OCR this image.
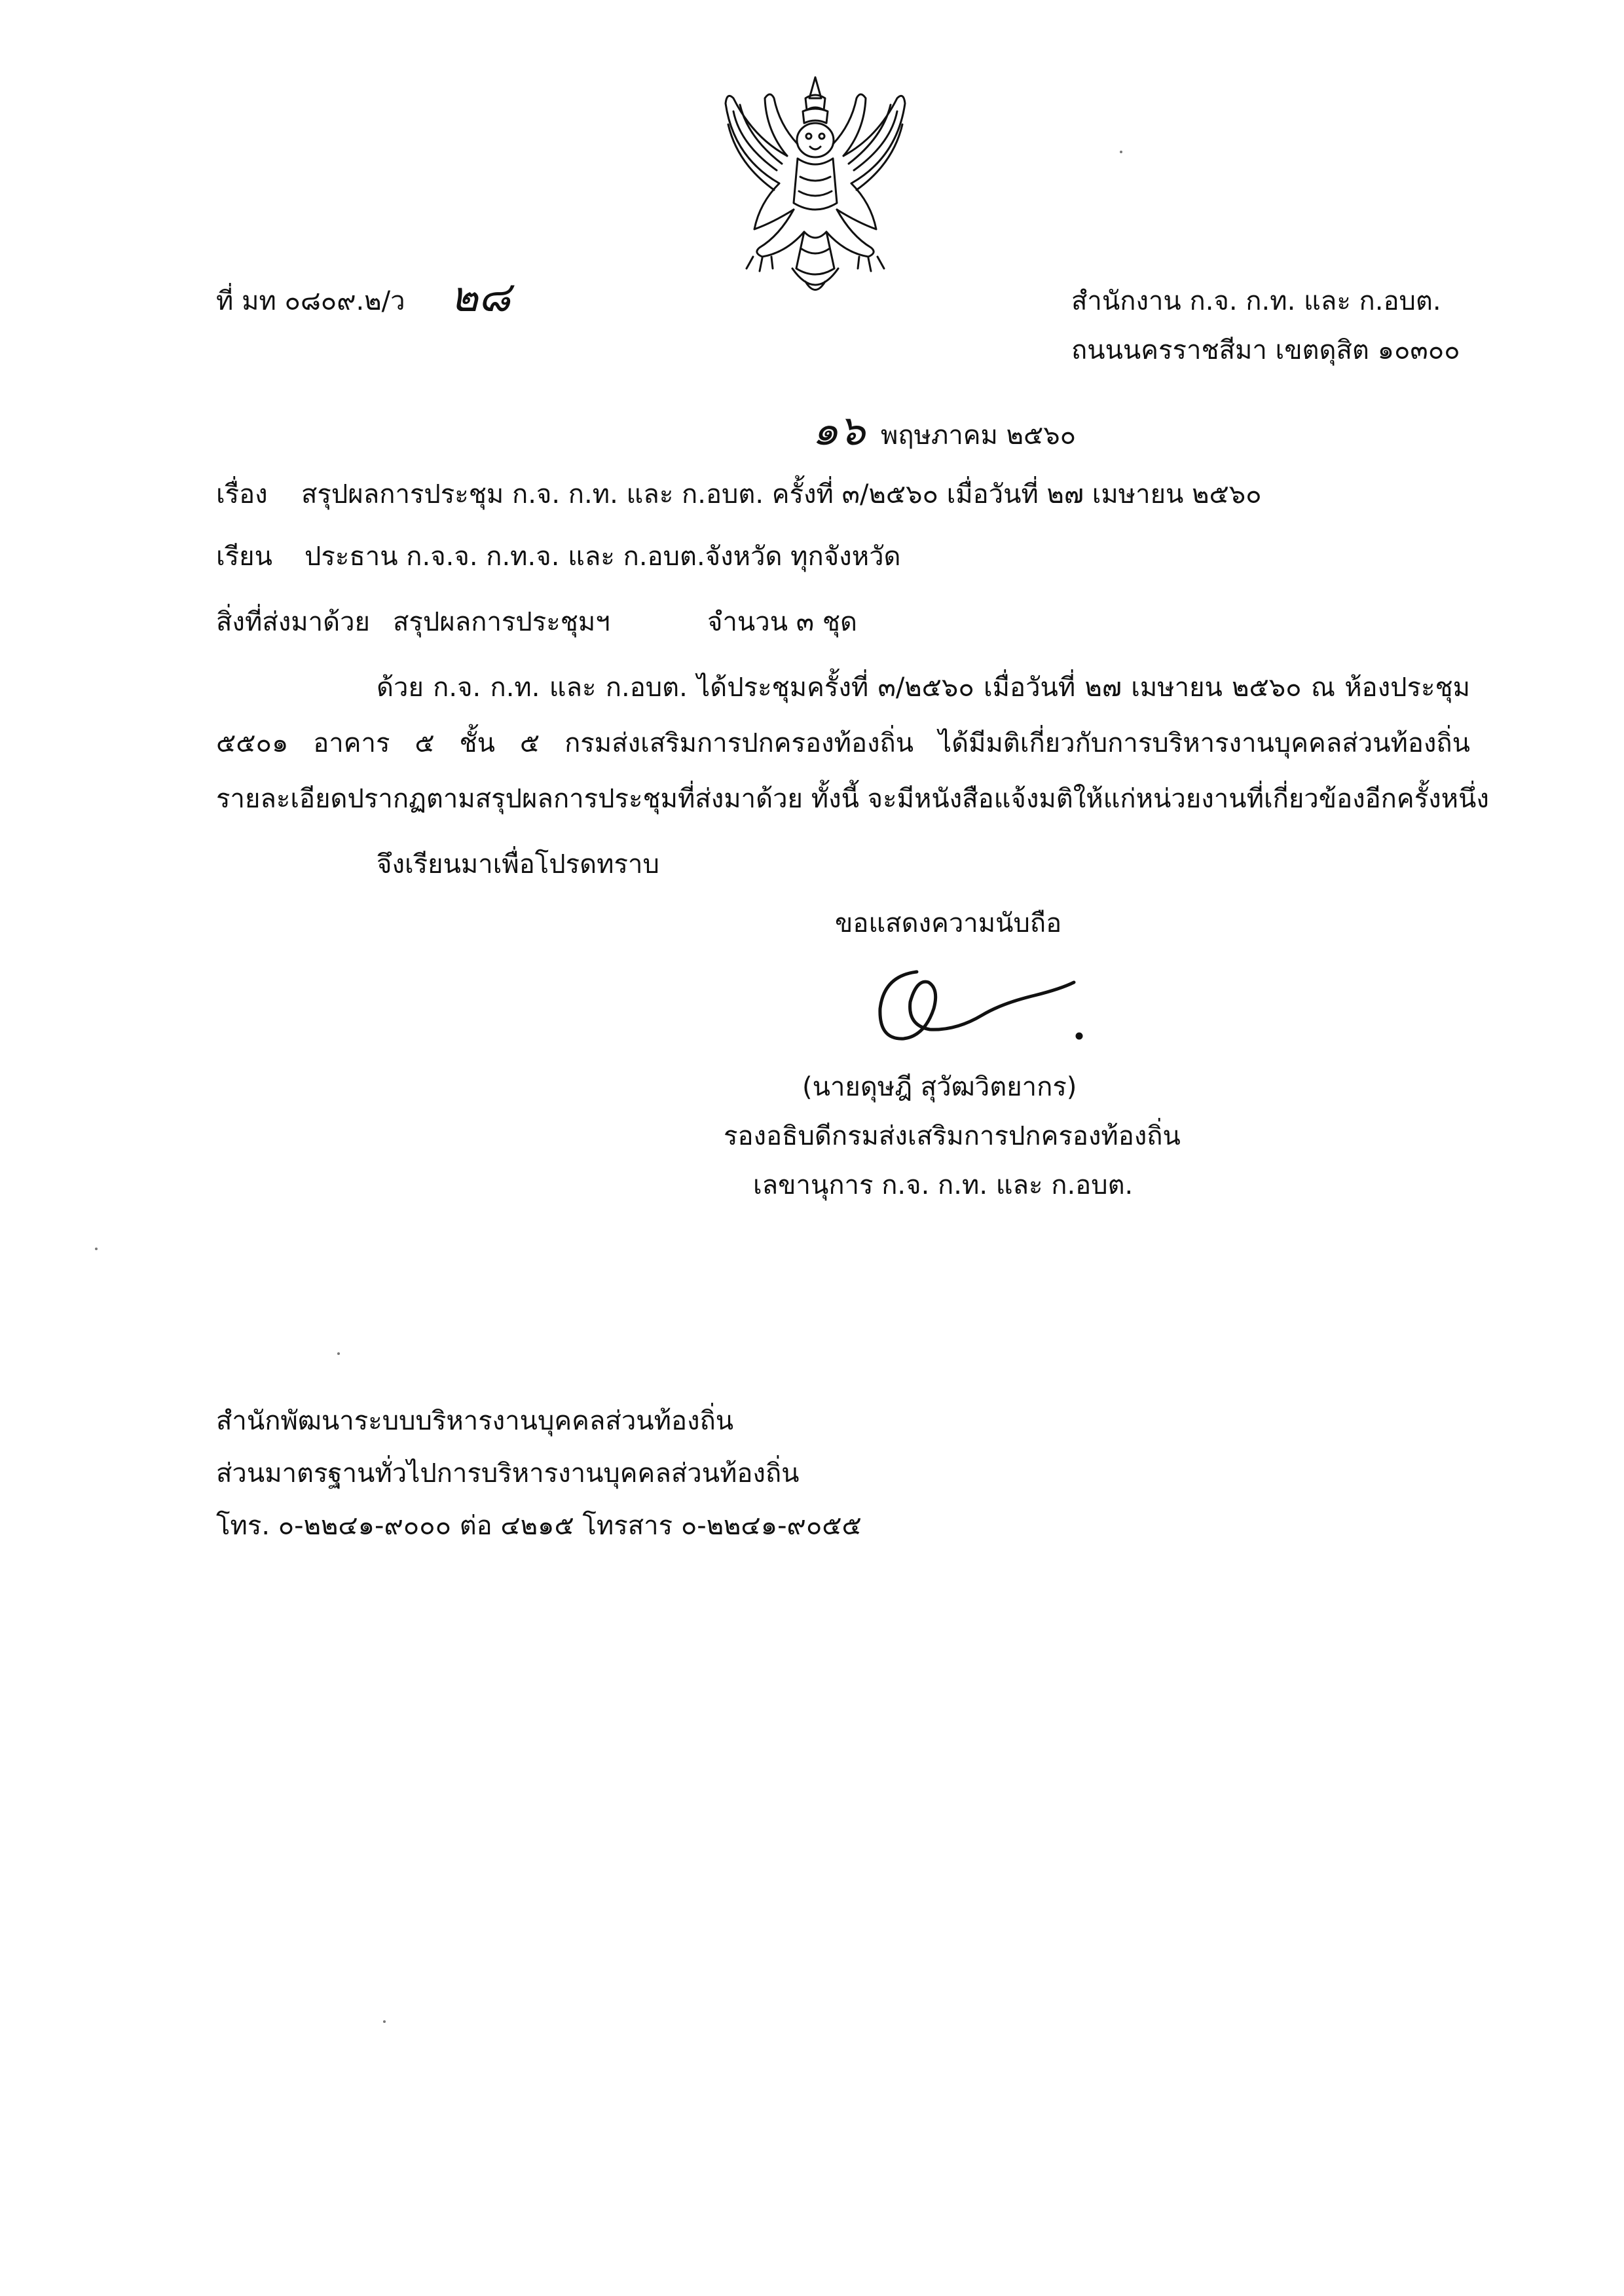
ที่ มท ๐๘๐๙.๒/ว ๒๘	สำนักงาน ก.จ. ก.ท. และ ก.อบต.
ถนนนครราชสีมา เขตดุสิต ๑๐๓๐๐
๑๖ พฤษภาคม ๒๕๖๐
เรื่อง สรุปผลการประชุม ก.จ. ก.ท. และ ก.อบต. ครั้งที่ ๓/๒๕๖๐ เมื่อวันที่ ๒๗ เมษายน ๒๕๖๐
เรียน ประธาน ก.จ.จ. ก.ท.จ. และ ก.อบต.จังหวัด ทุกจังหวัด
สิ่งที่ส่งมาด้วย สรุปผลการประชุมฯ	จำนวน ๓ ชุด
ด้วย ก.จ. ก.ท. และ ก.อบต. ได้ประชุมครั้งที่ ๓/๒๕๖๐ เมื่อวันที่ ๒๗ เมษายน ๒๕๖๐ ณ ห้องประชุม
๕๕๐๑ อาคาร ๕ ชั้น ๕ กรมส่งเสริมการปกครองท้องถิ่น ได้มีมติเกี่ยวกับการบริหารงานบุคคลส่วนท้องถิ่น
รายละเอียดปรากฏตามสรุปผลการประชุมที่ส่งมาด้วย ทั้งนี้ จะมีหนังสือแจ้งมติให้แก่หน่วยงานที่เกี่ยวข้องอีกครั้งหนึ่ง
จึงเรียนมาเพื่อโปรดทราบ
ขอแสดงความนับถือ
(นายดุษฎี สุวัฒวิตยากร)
รองอธิบดีกรมส่งเสริมการปกครองท้องถิ่น
เลขานุการ ก.จ. ก.ท. และ ก.อบต.
สำนักพัฒนาระบบบริหารงานบุคคลส่วนท้องถิ่น
ส่วนมาตรฐานทั่วไปการบริหารงานบุคคลส่วนท้องถิ่น
โทร. ๐-๒๒๔๑-๙๐๐๐ ต่อ ๔๒๑๕ โทรสาร ๐-๒๒๔๑-๙๐๕๕
